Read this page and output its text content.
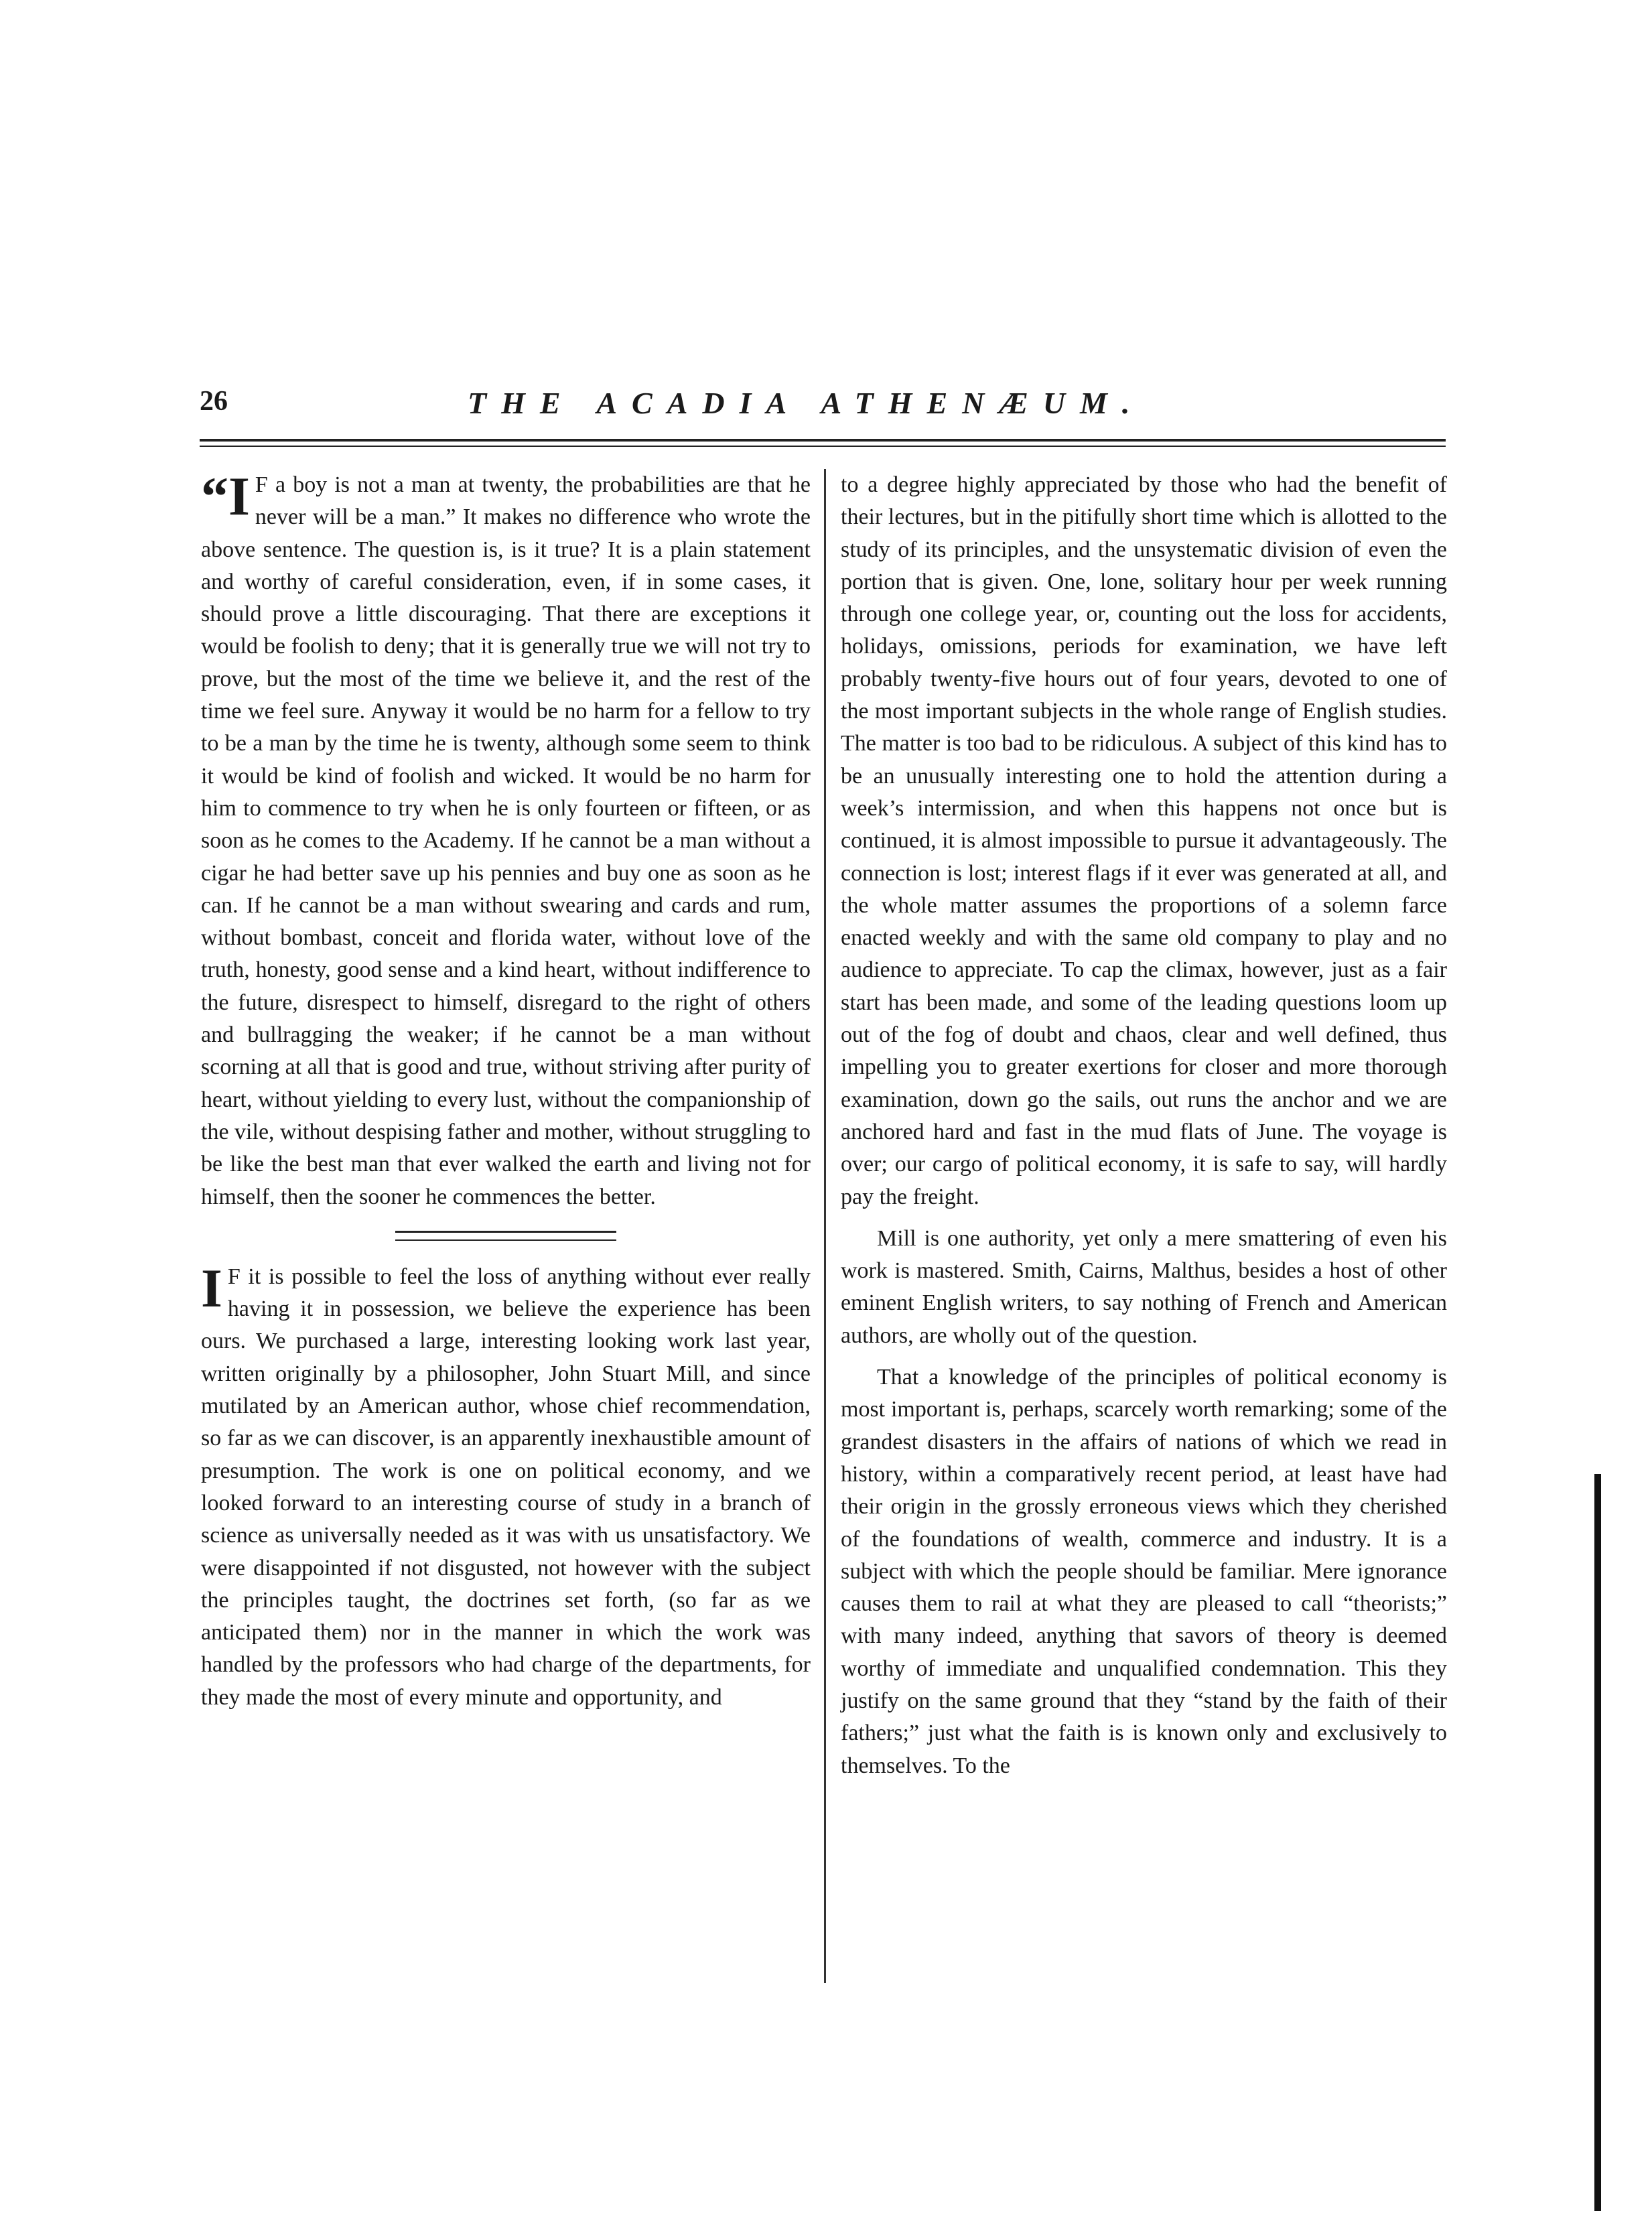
26	THE ACADIA ATHENÆUM.

“I F a boy is not a man at twenty, the probabilities are that he never will be a man.” It makes no difference who wrote the above sentence. The question is, is it true? It is a plain statement and worthy of careful consideration, even, if in some cases, it should prove a little discouraging. That there are exceptions it would be foolish to deny; that it is generally true we will not try to prove, but the most of the time we believe it, and the rest of the time we feel sure. Anyway it would be no harm for a fellow to try to be a man by the time he is twenty, although some seem to think it would be kind of foolish and wicked. It would be no harm for him to commence to try when he is only fourteen or fifteen, or as soon as he comes to the Academy. If he cannot be a man without a cigar he had better save up his pennies and buy one as soon as he can. If he cannot be a man without swearing and cards and rum, without bombast, conceit and florida water, without love of the truth, honesty, good sense and a kind heart, without indifference to the future, disrespect to himself, disregard to the right of others and bullragging the weaker; if he cannot be a man without scorning at all that is good and true, without striving after purity of heart, without yielding to every lust, without the companionship of the vile, without despising father and mother, without struggling to be like the best man that ever walked the earth and living not for himself, then the sooner he commences the better.

I F it is possible to feel the loss of anything without ever really having it in possession, we believe the experience has been ours. We purchased a large, interesting looking work last year, written originally by a philosopher, John Stuart Mill, and since mutilated by an American author, whose chief recommendation, so far as we can discover, is an apparently inexhaustible amount of presumption. The work is one on political economy, and we looked forward to an interesting course of study in a branch of science as universally needed as it was with us unsatisfactory. We were disappointed if not disgusted, not however with the subject the principles taught, the doctrines set forth, (so far as we anticipated them) nor in the manner in which the work was handled by the professors who had charge of the departments, for they made the most of every minute and opportunity, and

to a degree highly appreciated by those who had the benefit of their lectures, but in the pitifully short time which is allotted to the study of its principles, and the unsystematic division of even the portion that is given. One, lone, solitary hour per week running through one college year, or, counting out the loss for accidents, holidays, omissions, periods for examination, we have left probably twenty-five hours out of four years, devoted to one of the most important subjects in the whole range of English studies. The matter is too bad to be ridiculous. A subject of this kind has to be an unusually interesting one to hold the attention during a week’s intermission, and when this happens not once but is continued, it is almost impossible to pursue it advantageously. The connection is lost; interest flags if it ever was generated at all, and the whole matter assumes the proportions of a solemn farce enacted weekly and with the same old company to play and no audience to appreciate. To cap the climax, however, just as a fair start has been made, and some of the leading questions loom up out of the fog of doubt and chaos, clear and well defined, thus impelling you to greater exertions for closer and more thorough examination, down go the sails, out runs the anchor and we are anchored hard and fast in the mud flats of June. The voyage is over; our cargo of political economy, it is safe to say, will hardly pay the freight.

Mill is one authority, yet only a mere smattering of even his work is mastered. Smith, Cairns, Malthus, besides a host of other eminent English writers, to say nothing of French and American authors, are wholly out of the question.

That a knowledge of the principles of political economy is most important is, perhaps, scarcely worth remarking; some of the grandest disasters in the affairs of nations of which we read in history, within a comparatively recent period, at least have had their origin in the grossly erroneous views which they cherished of the foundations of wealth, commerce and industry. It is a subject with which the people should be familiar. Mere ignorance causes them to rail at what they are pleased to call “theorists;” with many indeed, anything that savors of theory is deemed worthy of immediate and unqualified condemnation. This they justify on the same ground that they “stand by the faith of their fathers;” just what the faith is is known only and exclusively to themselves. To the
